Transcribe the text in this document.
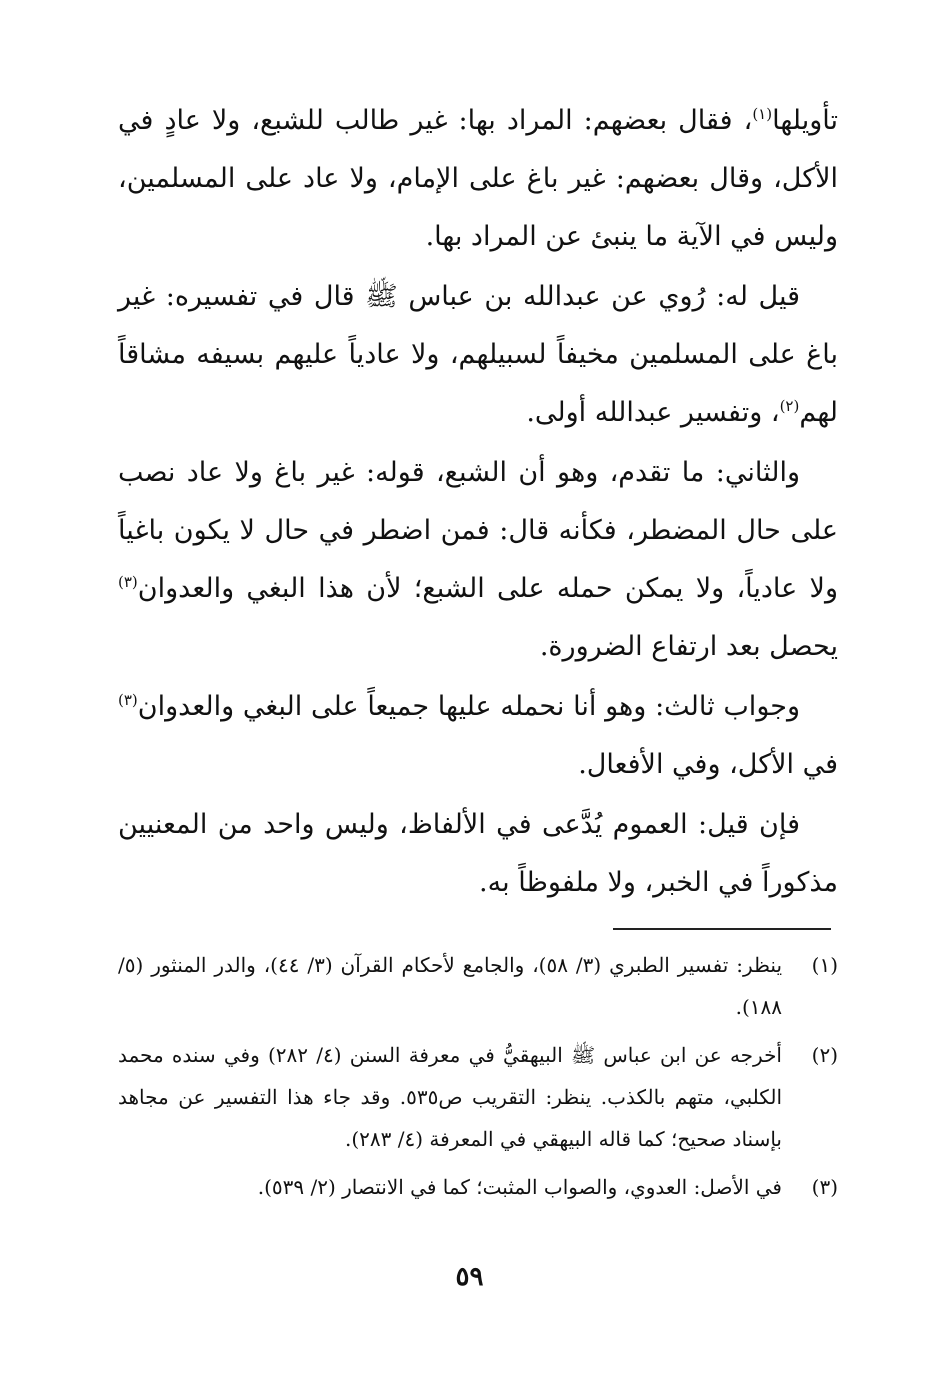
تأويلها$^{(١)}$، فقال بعضهم: المراد بها: غير طالب للشبع، ولا عادٍ في الأكل، وقال بعضهم: غير باغ على الإمام، ولا عاد على المسلمين، وليس في الآية ما ينبئ عن المراد بها.

قيل له: رُوي عن عبدالله بن عباس ﷺ قال في تفسيره: غير باغ على المسلمين مخيفاً لسبيلهم، ولا عادياً عليهم بسيفه مشاقاً لهم$^{(٢)}$، وتفسير عبدالله أولى.

والثاني: ما تقدم، وهو أن الشبع، قوله: غير باغ ولا عاد نصب على حال المضطر، فكأنه قال: فمن اضطر في حال لا يكون باغياً ولا عادياً، ولا يمكن حمله على الشبع؛ لأن هذا البغي والعدوان$^{(٣)}$ يحصل بعد ارتفاع الضرورة.

وجواب ثالث: وهو أنا نحمله عليها جميعاً على البغي والعدوان$^{(٣)}$ في الأكل، وفي الأفعال.

فإن قيل: العموم يُدَّعى في الألفاظ، وليس واحد من المعنيين مذكوراً في الخبر، ولا ملفوظاً به.

(١)
ينظر: تفسير الطبري (٣/ ٥٨)، والجامع لأحكام القرآن (٣/ ٤٤)، والدر المنثور (٥/ ١٨٨).
(٢)
أخرجه عن ابن عباس ﷺ البيهقيُّ في معرفة السنن (٤/ ٢٨٢) وفي سنده محمد الكلبي، متهم بالكذب. ينظر: التقريب ص٥٣٥. وقد جاء هذا التفسير عن مجاهد بإسناد صحيح؛ كما قاله البيهقي في المعرفة (٤/ ٢٨٣).
(٣)
في الأصل: العدوي، والصواب المثبت؛ كما في الانتصار (٢/ ٥٣٩).
٥٩
